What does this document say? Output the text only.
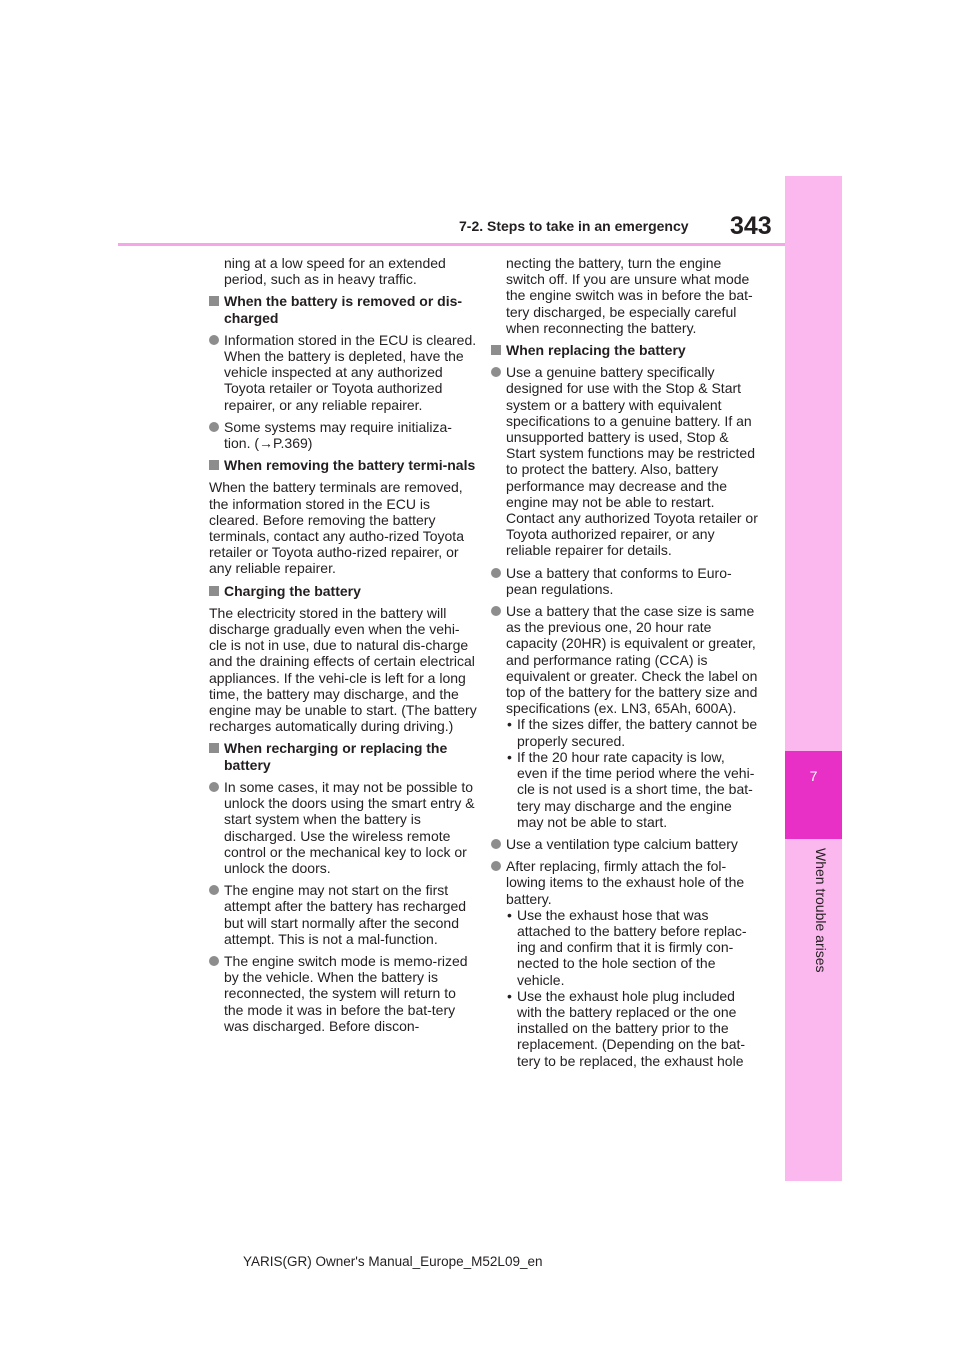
7-2. Steps to take in an emergency 343
7
When trouble arises

ning at a low speed for an extended period, such as in heavy traffic.

When the battery is removed or dis-charged
Information stored in the ECU is cleared. When the battery is depleted, have the vehicle inspected at any authorized Toyota retailer or Toyota authorized repairer, or any reliable repairer.
Some systems may require initializa-tion. (→P.369)
When removing the battery termi-nals

When the battery terminals are removed, the information stored in the ECU is cleared. Before removing the battery terminals, contact any autho-rized Toyota retailer or Toyota autho-rized repairer, or any reliable repairer.

Charging the battery

The electricity stored in the battery will discharge gradually even when the vehi-cle is not in use, due to natural dis-charge and the draining effects of certain electrical appliances. If the vehi-cle is left for a long time, the battery may discharge, and the engine may be unable to start. (The battery recharges automatically during driving.)

When recharging or replacing the battery
In some cases, it may not be possible to unlock the doors using the smart entry & start system when the battery is discharged. Use the wireless remote control or the mechanical key to lock or unlock the doors.
The engine may not start on the first attempt after the battery has recharged but will start normally after the second attempt. This is not a mal-function.
The engine switch mode is memo-rized by the vehicle. When the battery is reconnected, the system will return to the mode it was in before the bat-tery was discharged. Before discon-

necting the battery, turn the engine switch off. If you are unsure what mode the engine switch was in before the bat-tery discharged, be especially careful when reconnecting the battery.

When replacing the battery
Use a genuine battery specifically designed for use with the Stop & Start system or a battery with equivalent specifications to a genuine battery. If an unsupported battery is used, Stop & Start system functions may be restricted to protect the battery. Also, battery performance may decrease and the engine may not be able to restart. Contact any authorized Toyota retailer or Toyota authorized repairer, or any reliable repairer for details.
Use a battery that conforms to Euro-pean regulations.
Use a battery that the case size is same as the previous one, 20 hour rate capacity (20HR) is equivalent or greater, and performance rating (CCA) is equivalent or greater. Check the label on top of the battery for the battery size and specifications (ex. LN3, 65Ah, 600A).
• If the sizes differ, the battery cannot be properly secured.
• If the 20 hour rate capacity is low, even if the time period where the vehi-cle is not used is a short time, the bat-tery may discharge and the engine may not be able to start.
Use a ventilation type calcium battery
After replacing, firmly attach the fol-lowing items to the exhaust hole of the battery.
• Use the exhaust hose that was attached to the battery before replac-ing and confirm that it is firmly con-nected to the hole section of the vehicle.
• Use the exhaust hole plug included with the battery replaced or the one installed on the battery prior to the replacement. (Depending on the bat-tery to be replaced, the exhaust hole
YARIS(GR) Owner's Manual_Europe_M52L09_en
